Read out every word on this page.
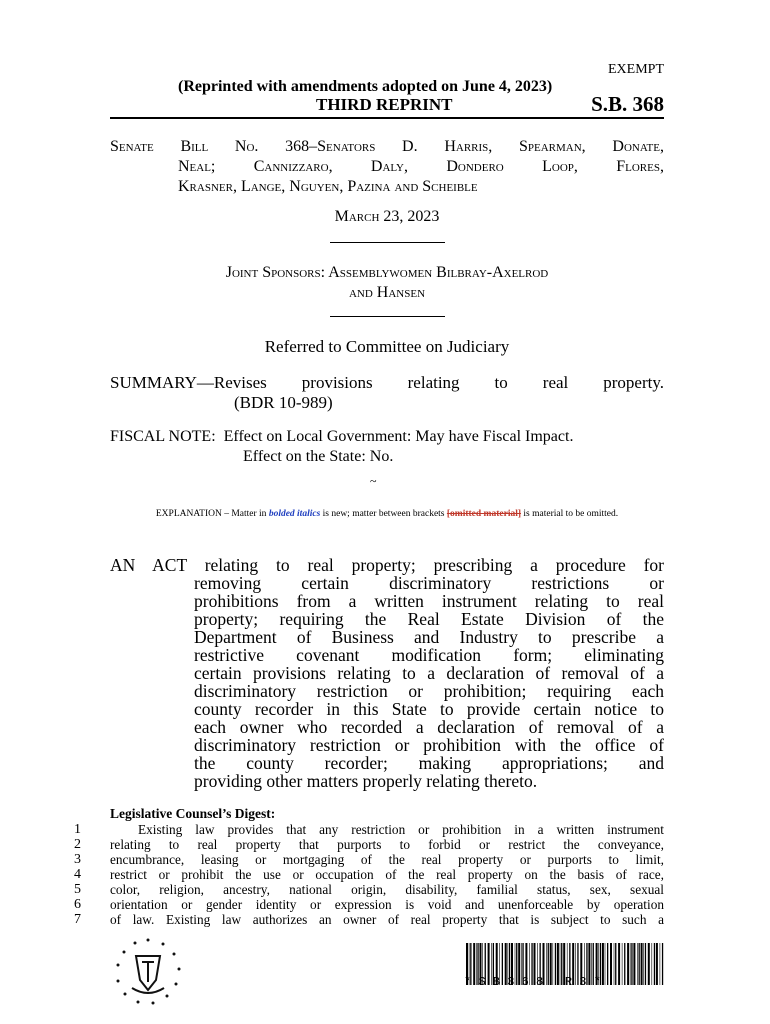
EXEMPT
(Reprinted with amendments adopted on June 4, 2023)
THIRD REPRINT	S.B. 368
Senate Bill No. 368–Senators D. Harris, Spearman, Donate,
Neal; Cannizzaro, Daly, Dondero Loop, Flores,
Krasner, Lange, Nguyen, Pazina and Scheible
March 23, 2023
Joint Sponsors: Assemblywomen Bilbray-Axelrod
and Hansen
Referred to Committee on Judiciary
SUMMARY—Revises provisions relating to real property.
(BDR 10-989)
FISCAL NOTE:  Effect on Local Government: May have Fiscal Impact.
Effect on the State: No.
~
EXPLANATION – Matter in bolded italics is new; matter between brackets [omitted material] is material to be omitted.
AN ACT relating to real property; prescribing a procedure for
removing certain discriminatory restrictions or
prohibitions from a written instrument relating to real
property; requiring the Real Estate Division of the
Department of Business and Industry to prescribe a
restrictive covenant modification form; eliminating
certain provisions relating to a declaration of removal of a
discriminatory restriction or prohibition; requiring each
county recorder in this State to provide certain notice to
each owner who recorded a declaration of removal of a
discriminatory restriction or prohibition with the office of
the county recorder; making appropriations; and
providing other matters properly relating thereto.
Legislative Counsel’s Digest:
1	Existing law provides that any restriction or prohibition in a written instrument
2	relating to real property that purports to forbid or restrict the conveyance,
3	encumbrance, leasing or mortgaging of the real property or purports to limit,
4	restrict or prohibit the use or occupation of the real property on the basis of race,
5	color, religion, ancestry, national origin, disability, familial status, sex, sexual
6	orientation or gender identity or expression is void and unenforceable by operation
7	of law. Existing law authorizes an owner of real property that is subject to such a
* S B 3 6 8   R 3 *
